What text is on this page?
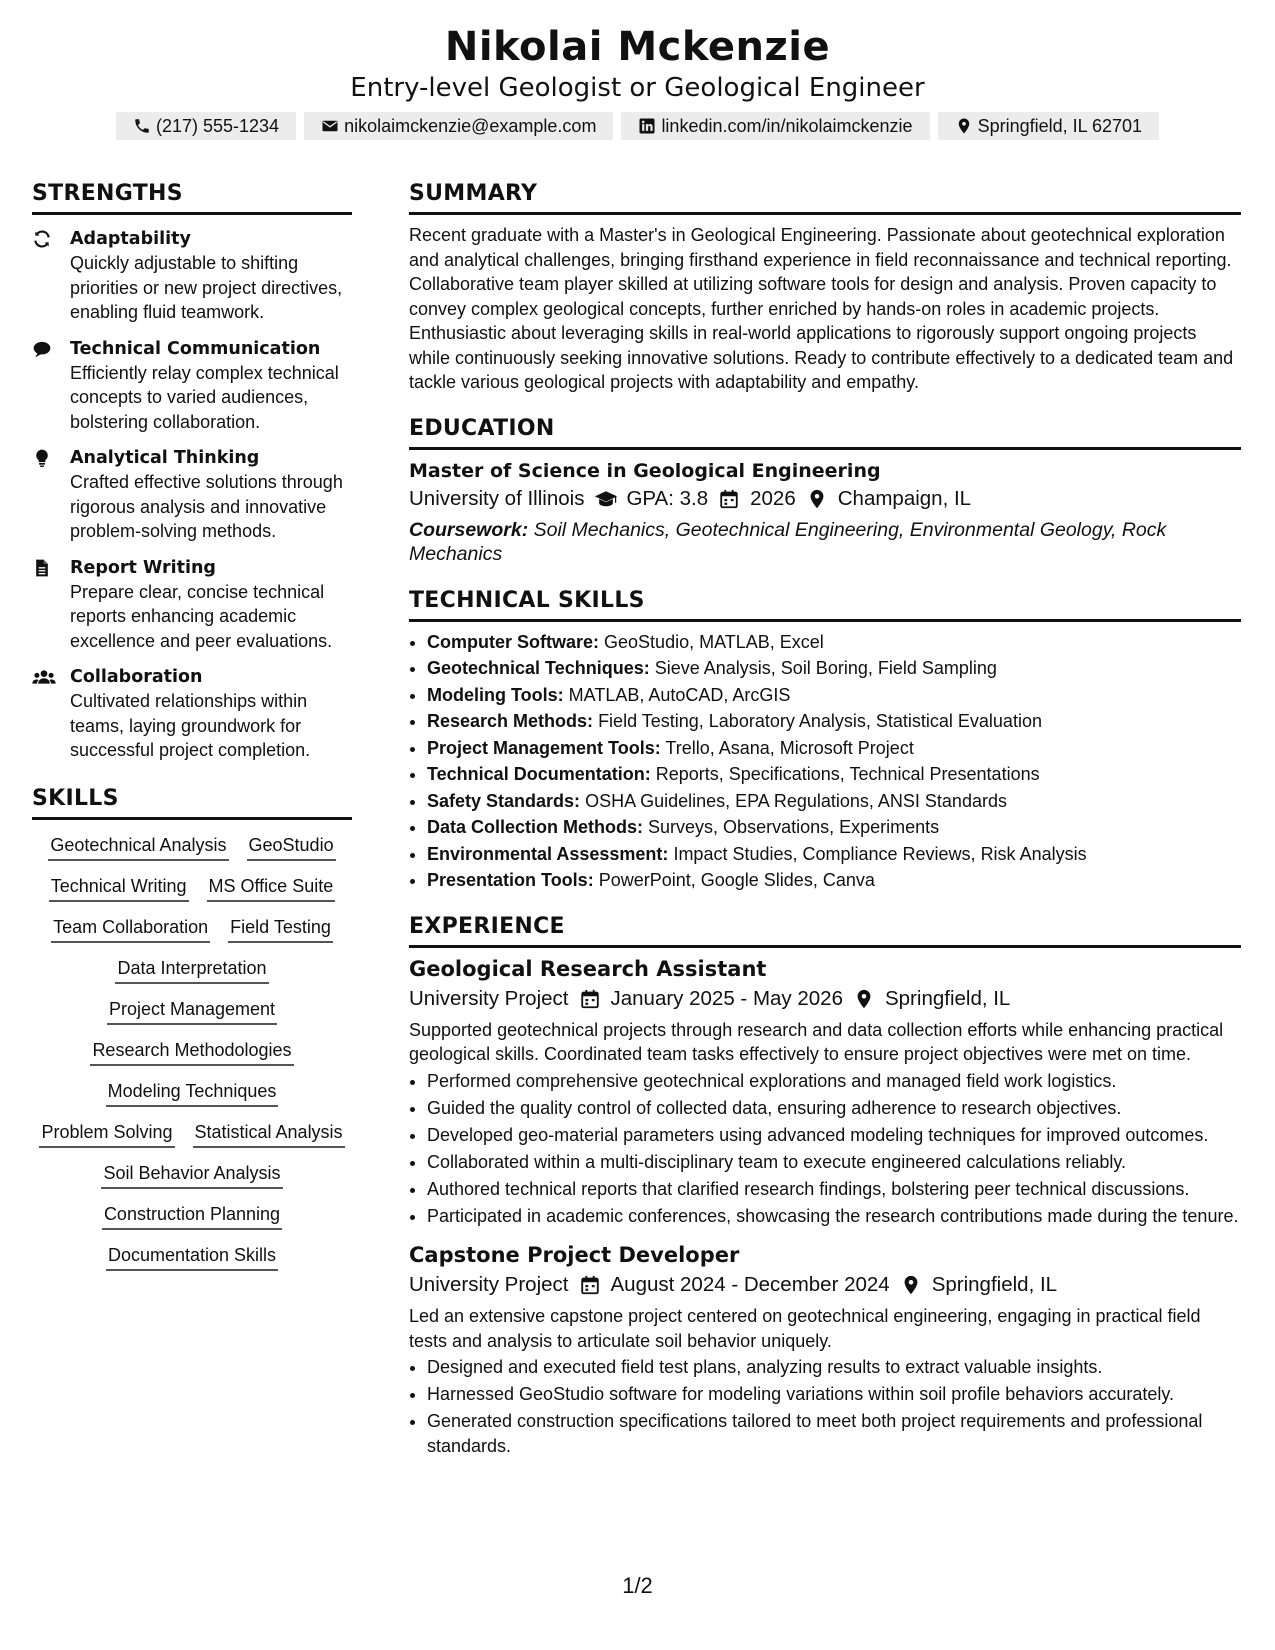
Nikolai Mckenzie
Entry-level Geologist or Geological Engineer
(217) 555-1234	nikolaimckenzie@example.com	linkedin.com/in/nikolaimckenzie	Springfield, IL 62701
STRENGTHS
Adaptability
Quickly adjustable to shifting priorities or new project directives, enabling fluid teamwork.
Technical Communication
Efficiently relay complex technical concepts to varied audiences, bolstering collaboration.
Analytical Thinking
Crafted effective solutions through rigorous analysis and innovative problem-solving methods.
Report Writing
Prepare clear, concise technical reports enhancing academic excellence and peer evaluations.
Collaboration
Cultivated relationships within teams, laying groundwork for successful project completion.
SKILLS
Geotechnical Analysis GeoStudio
Technical Writing MS Office Suite
Team Collaboration Field Testing
Data Interpretation
Project Management
Research Methodologies
Modeling Techniques
Problem Solving Statistical Analysis
Soil Behavior Analysis
Construction Planning
Documentation Skills
SUMMARY

Recent graduate with a Master's in Geological Engineering. Passionate about geotechnical exploration and analytical challenges, bringing firsthand experience in field reconnaissance and technical reporting. Collaborative team player skilled at utilizing software tools for design and analysis. Proven capacity to convey complex geological concepts, further enriched by hands-on roles in academic projects. Enthusiastic about leveraging skills in real-world applications to rigorously support ongoing projects while continuously seeking innovative solutions. Ready to contribute effectively to a dedicated team and tackle various geological projects with adaptability and empathy.

EDUCATION
Master of Science in Geological Engineering
University of Illinois GPA: 3.8 2026 Champaign, IL
Coursework: Soil Mechanics, Geotechnical Engineering, Environmental Geology, Rock Mechanics
TECHNICAL SKILLS
• Computer Software: GeoStudio, MATLAB, Excel
• Geotechnical Techniques: Sieve Analysis, Soil Boring, Field Sampling
• Modeling Tools: MATLAB, AutoCAD, ArcGIS
• Research Methods: Field Testing, Laboratory Analysis, Statistical Evaluation
• Project Management Tools: Trello, Asana, Microsoft Project
• Technical Documentation: Reports, Specifications, Technical Presentations
• Safety Standards: OSHA Guidelines, EPA Regulations, ANSI Standards
• Data Collection Methods: Surveys, Observations, Experiments
• Environmental Assessment: Impact Studies, Compliance Reviews, Risk Analysis
• Presentation Tools: PowerPoint, Google Slides, Canva
EXPERIENCE
Geological Research Assistant
University Project January 2025 - May 2026 Springfield, IL
Supported geotechnical projects through research and data collection efforts while enhancing practical geological skills. Coordinated team tasks effectively to ensure project objectives were met on time.
• Performed comprehensive geotechnical explorations and managed field work logistics.
• Guided the quality control of collected data, ensuring adherence to research objectives.
• Developed geo-material parameters using advanced modeling techniques for improved outcomes.
• Collaborated within a multi-disciplinary team to execute engineered calculations reliably.
• Authored technical reports that clarified research findings, bolstering peer technical discussions.
• Participated in academic conferences, showcasing the research contributions made during the tenure.
Capstone Project Developer
University Project August 2024 - December 2024 Springfield, IL
Led an extensive capstone project centered on geotechnical engineering, engaging in practical field tests and analysis to articulate soil behavior uniquely.
• Designed and executed field test plans, analyzing results to extract valuable insights.
• Harnessed GeoStudio software for modeling variations within soil profile behaviors accurately.
• Generated construction specifications tailored to meet both project requirements and professional standards.
1/2
